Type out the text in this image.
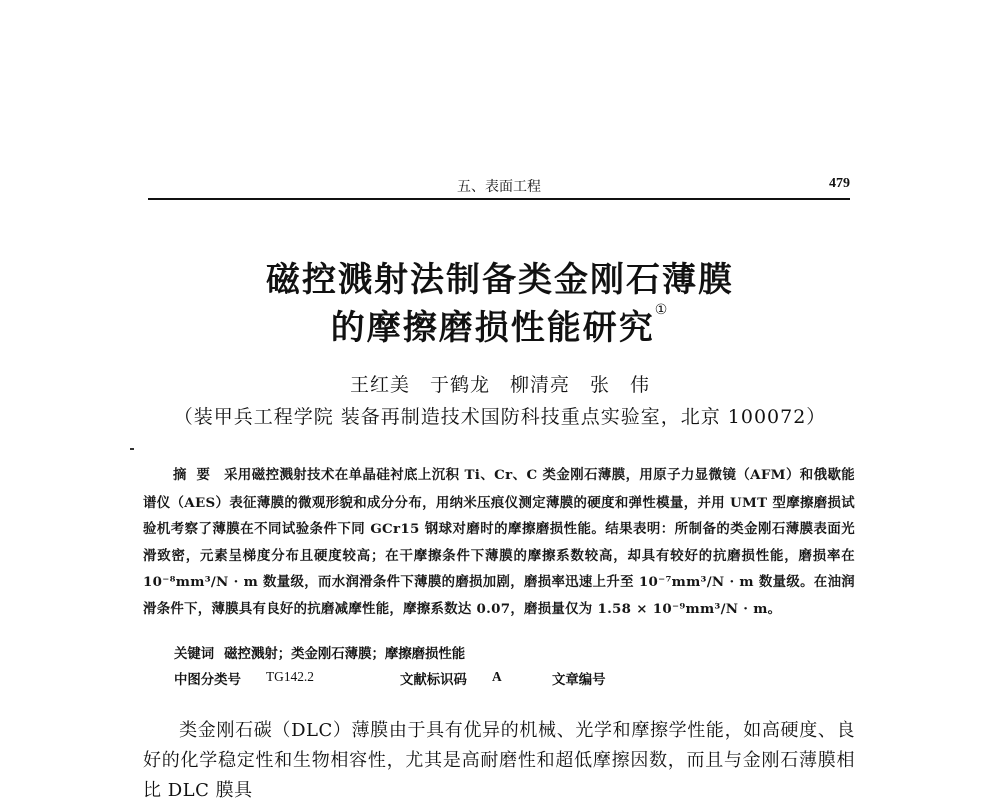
五、表面工程	479
磁控溅射法制备类金刚石薄膜
的摩擦磨损性能研究①
王红美　于鹤龙　柳清亮　张　伟
（装甲兵工程学院 装备再制造技术国防科技重点实验室，北京 100072）
摘要 采用磁控溅射技术在单晶硅衬底上沉积 Ti、Cr、C 类金刚石薄膜，用原子力显微镜（AFM）和俄歇能谱仪（AES）表征薄膜的微观形貌和成分分布，用纳米压痕仪测定薄膜的硬度和弹性模量，并用 UMT 型摩擦磨损试验机考察了薄膜在不同试验条件下同 GCr15 钢球对磨时的摩擦磨损性能。结果表明：所制备的类金刚石薄膜表面光滑致密，元素呈梯度分布且硬度较高；在干摩擦条件下薄膜的摩擦系数较高，却具有较好的抗磨损性能，磨损率在 10⁻⁸mm³/N · m 数量级，而水润滑条件下薄膜的磨损加剧，磨损率迅速上升至 10⁻⁷mm³/N · m 数量级。在油润滑条件下，薄膜具有良好的抗磨减摩性能，摩擦系数达 0.07，磨损量仅为 1.58 × 10⁻⁹mm³/N · m。
关键词 磁控溅射；类金刚石薄膜；摩擦磨损性能
中图分类号 TG142.2	文献标识码 A	文章编号
类金刚石碳（DLC）薄膜由于具有优异的机械、光学和摩擦学性能，如高硬度、良好的化学稳定性和生物相容性，尤其是高耐磨性和超低摩擦因数，而且与金刚石薄膜相比 DLC 膜具
